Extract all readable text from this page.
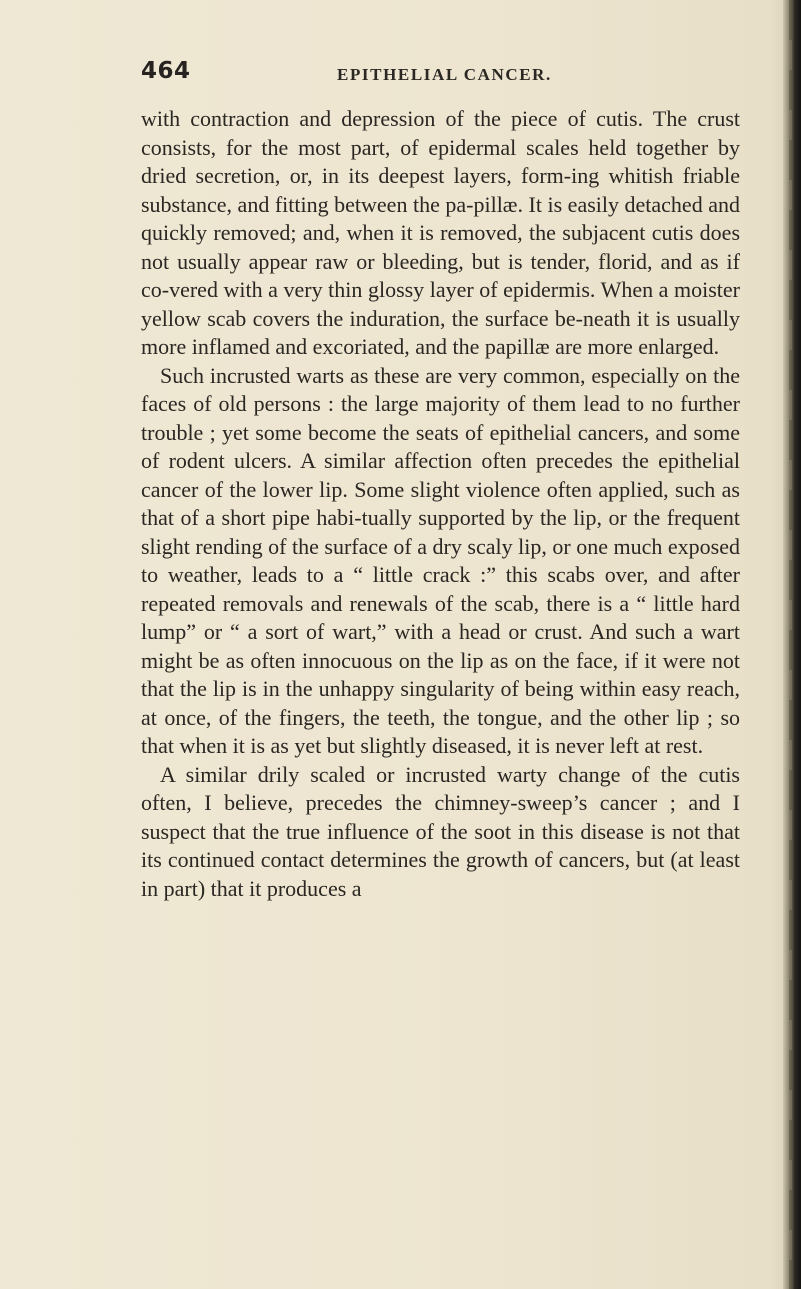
464	EPITHELIAL CANCER.

with contraction and depression of the piece of cutis. The crust consists, for the most part, of epidermal scales held together by dried secretion, or, in its deepest layers, form-ing whitish friable substance, and fitting between the pa-pillæ. It is easily detached and quickly removed; and, when it is removed, the subjacent cutis does not usually appear raw or bleeding, but is tender, florid, and as if co-vered with a very thin glossy layer of epidermis. When a moister yellow scab covers the induration, the surface be-neath it is usually more inflamed and excoriated, and the papillæ are more enlarged.

Such incrusted warts as these are very common, especially on the faces of old persons : the large majority of them lead to no further trouble ; yet some become the seats of epithelial cancers, and some of rodent ulcers. A similar affection often precedes the epithelial cancer of the lower lip. Some slight violence often applied, such as that of a short pipe habi-tually supported by the lip, or the frequent slight rending of the surface of a dry scaly lip, or one much exposed to weather, leads to a “ little crack :” this scabs over, and after repeated removals and renewals of the scab, there is a “ little hard lump” or “ a sort of wart,” with a head or crust. And such a wart might be as often innocuous on the lip as on the face, if it were not that the lip is in the unhappy singularity of being within easy reach, at once, of the fingers, the teeth, the tongue, and the other lip ; so that when it is as yet but slightly diseased, it is never left at rest.

A similar drily scaled or incrusted warty change of the cutis often, I believe, precedes the chimney-sweep’s cancer ; and I suspect that the true influence of the soot in this disease is not that its continued contact determines the growth of cancers, but (at least in part) that it produces a
